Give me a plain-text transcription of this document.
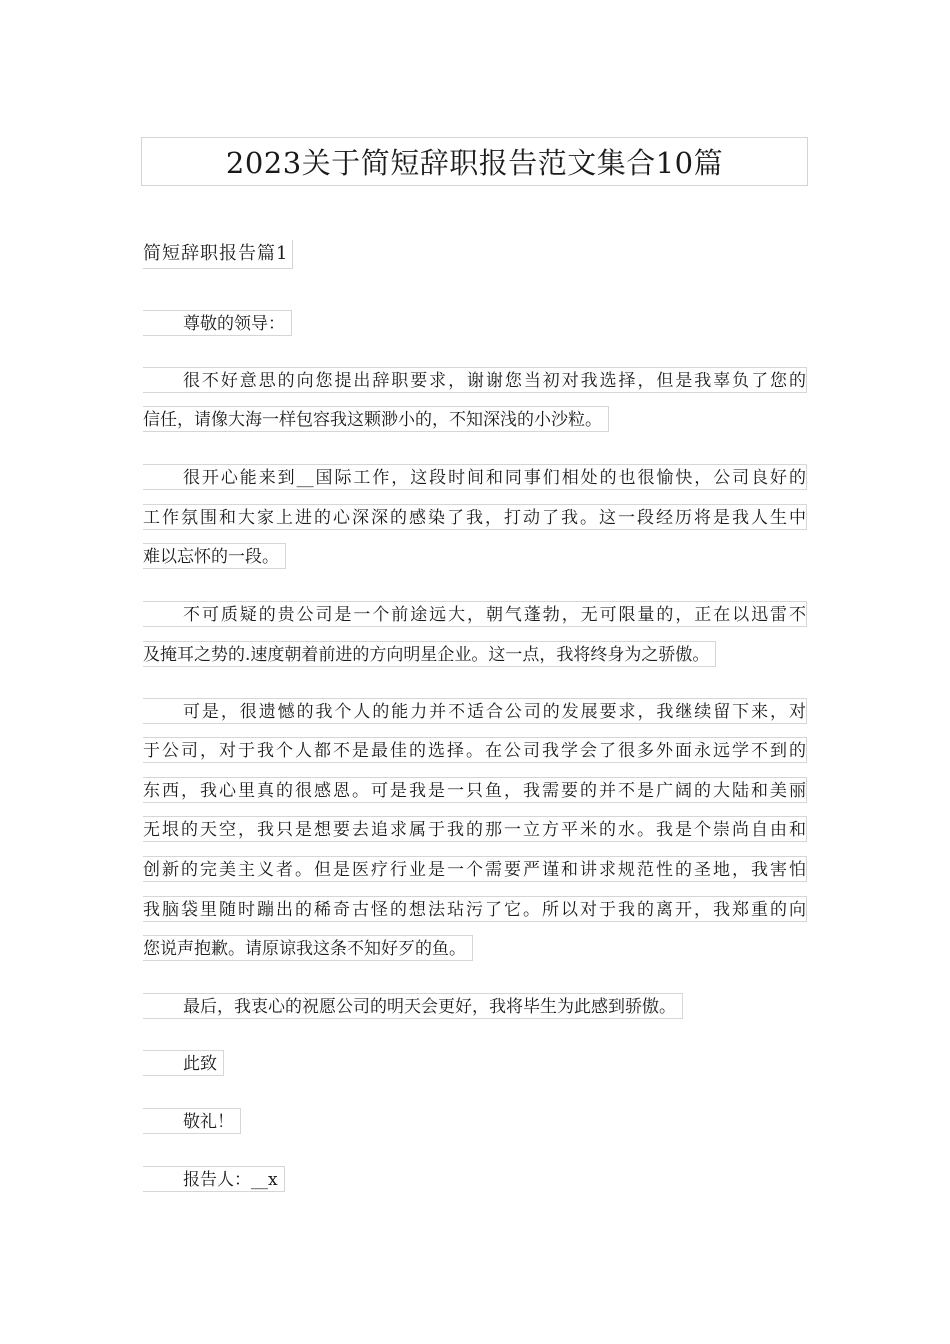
2023关于简短辞职报告范文集合10篇
简短辞职报告篇1
尊敬的领导：
很不好意思的向您提出辞职要求，谢谢您当初对我选择，但是我辜负了您的
信任，请像大海一样包容我这颗渺小的，不知深浅的小沙粒。
很开心能来到__国际工作，这段时间和同事们相处的也很愉快，公司良好的
工作氛围和大家上进的心深深的感染了我，打动了我。这一段经历将是我人生中
难以忘怀的一段。
不可质疑的贵公司是一个前途远大，朝气蓬勃，无可限量的，正在以迅雷不
及掩耳之势的.速度朝着前进的方向明星企业。这一点，我将终身为之骄傲。
可是，很遗憾的我个人的能力并不适合公司的发展要求，我继续留下来，对
于公司，对于我个人都不是最佳的选择。在公司我学会了很多外面永远学不到的
东西，我心里真的很感恩。可是我是一只鱼，我需要的并不是广阔的大陆和美丽
无垠的天空，我只是想要去追求属于我的那一立方平米的水。我是个崇尚自由和
创新的完美主义者。但是医疗行业是一个需要严谨和讲求规范性的圣地，我害怕
我脑袋里随时蹦出的稀奇古怪的想法玷污了它。所以对于我的离开，我郑重的向
您说声抱歉。请原谅我这条不知好歹的鱼。
最后，我衷心的祝愿公司的明天会更好，我将毕生为此感到骄傲。
此致
敬礼！
报告人：__x
